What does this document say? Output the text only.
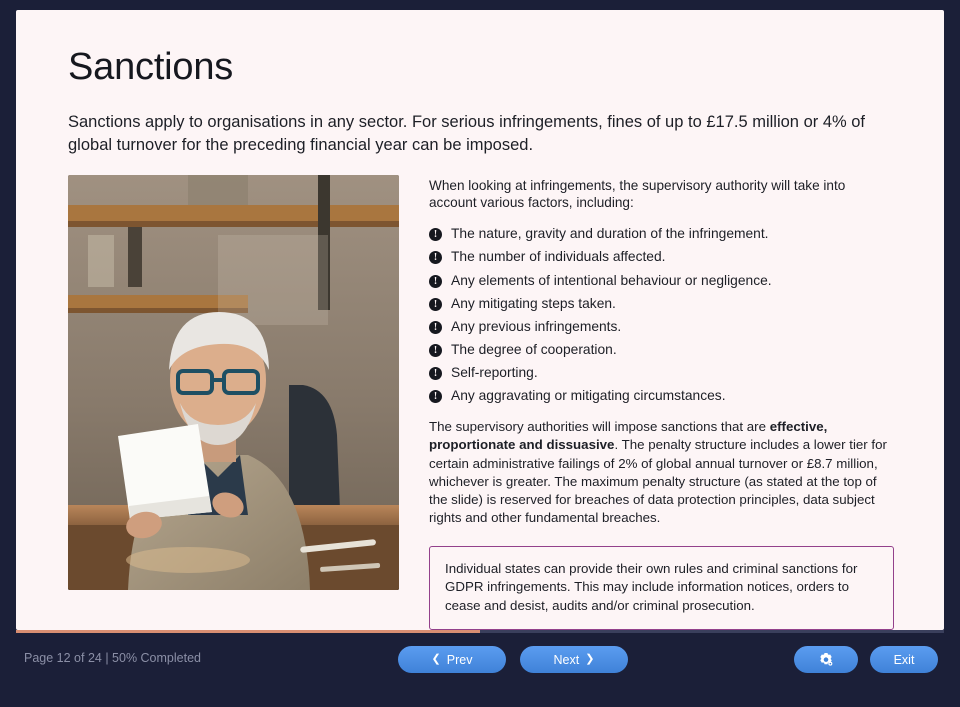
Sanctions

Sanctions apply to organisations in any sector. For serious infringements, fines of up to £17.5 million or 4% of global turnover for the preceding financial year can be imposed.

When looking at infringements, the supervisory authority will take into account various factors, including:

!	The nature, gravity and duration of the infringement.
!	The number of individuals affected.
!	Any elements of intentional behaviour or negligence.
!	Any mitigating steps taken.
!	Any previous infringements.
!	The degree of cooperation.
!	Self-reporting.
!	Any aggravating or mitigating circumstances.

The supervisory authorities will impose sanctions that are effective, proportionate and dissuasive. The penalty structure includes a lower tier for certain administrative failings of 2% of global annual turnover or £8.7 million, whichever is greater. The maximum penalty structure (as stated at the top of the slide) is reserved for breaches of data protection principles, data subject rights and other fundamental breaches.

Individual states can provide their own rules and criminal sanctions for GDPR infringements. This may include information notices, orders to cease and desist, audits and/or criminal prosecution.
Page 12 of 24 | 50% Completed	❮ Prev	Next ❯	Exit
